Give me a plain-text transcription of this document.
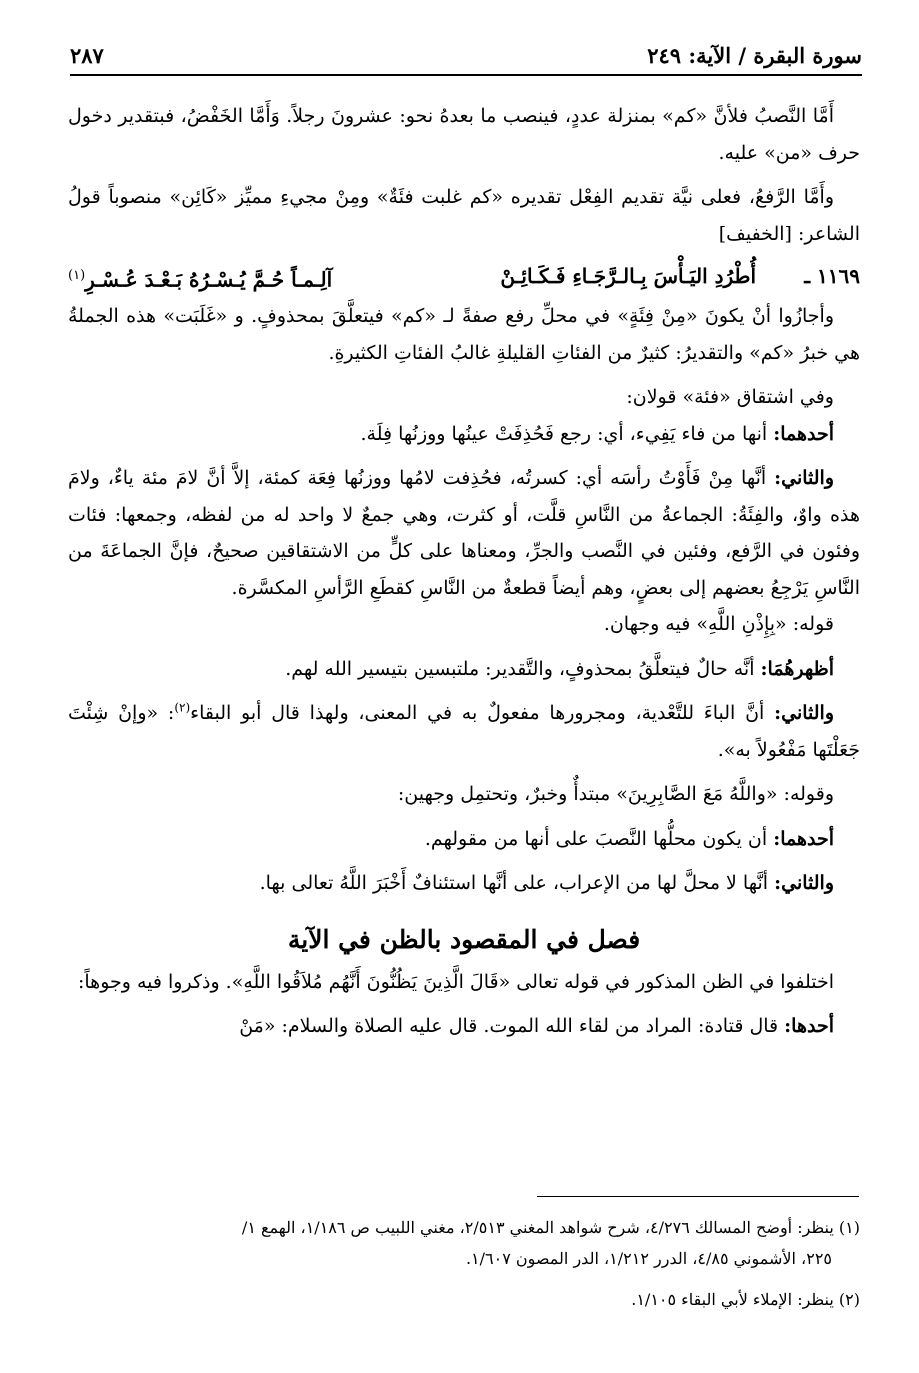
سورة البقرة / الآية: ٢٤٩
٢٨٧

أَمَّا النَّصبُ فلأنَّ «كم» بمنزلة عددٍ، فينصب ما بعدهُ نحو: عشرونَ رجلاً. وَأَمَّا الخَفْضُ، فبتقدير دخول حرف «من» عليه.

وأَمَّا الرَّفعُ، فعلى نيَّة تقديم الفِعْل تقديره «كم غلبت فئَةٌ» ومِنْ مجيءِ مميِّز «كَائِن» منصوباً قولُ الشاعر: [الخفيف]

١١٦٩ ـ
أُطْرُدِ اليَـأْسَ بِـالـرَّجَـاءِ فَـكَـائِـنْ
آلِـمـاً حُـمَّ يُـسْـرُهُ بَـعْـدَ عُـسْـرِ$^{(١)}$

وأجازُوا أنْ يكونَ «مِنْ فِئَةٍ» في محلِّ رفع صفةً لـ «كم» فيتعلَّقَ بمحذوفٍ. و «غَلَبَت» هذه الجملةُ هي خبرُ «كم» والتقديرُ: كثيرٌ من الفئاتِ القليلةِ غالبُ الفئاتِ الكثيرةِ.

وفي اشتقاق «فئة» قولان:

أحدهما: أنها من فاء يَفِيء، أي: رجع فَحُذِفَتْ عينُها ووزنُها فِلَة.

والثاني: أنَّها مِنْ فَأَوْتُ رأسَه أي: كسرتُه، فحُذِفت لامُها ووزنُها فِعَة كمئة، إلاَّ أنَّ لامَ مئة ياءٌ، ولامَ هذه واوٌ، والفِئَةُ: الجماعةُ من النَّاسِ قلَّت، أو كثرت، وهي جمعٌ لا واحد له من لفظه، وجمعها: فئات وفئون في الرَّفع، وفئين في النَّصب والجرِّ، ومعناها على كلٍّ من الاشتقاقين صحيحٌ، فإنَّ الجماعَةَ من النَّاسِ يَرْجِعُ بعضهم إلى بعضٍ، وهم أيضاً قطعةٌ من النَّاسِ كقطَعِ الرَّأسِ المكسَّرة.

قوله: «بِإِذْنِ اللَّهِ» فيه وجهان.

أظهرهُمَا: أنَّه حالٌ فيتعلَّقُ بمحذوفٍ، والتَّقدير: ملتبسين بتيسير الله لهم.

والثاني: أنَّ الباءَ للتَّعْدية، ومجرورها مفعولٌ به في المعنى، ولهذا قال أبو البقاء$^{(٢)}$: «وإنْ شِئْتَ جَعَلْتَها مَفْعُولاً به».

وقوله: «واللَّهُ مَعَ الصَّابِرِينَ» مبتدأٌ وخبرٌ، وتحتمِل وجهين:

أحدهما: أن يكون محلُّها النَّصبَ على أنها من مقولهم.

والثاني: أنَّها لا محلَّ لها من الإعراب، على أنَّها استئنافٌ أَخْبَرَ اللَّهُ تعالى بها.

فصل في المقصود بالظن في الآية

اختلفوا في الظن المذكور في قوله تعالى «قَالَ الَّذِينَ يَظُنُّونَ أَنَّهُم مُلاَقُوا اللَّهِ». وذكروا فيه وجوهاً:

أحدها: قال قتادة: المراد من لقاء الله الموت. قال عليه الصلاة والسلام: «مَنْ

(١) ينظر: أوضح المسالك ٤/٢٧٦، شرح شواهد المغني ٢/٥١٣، مغني اللبيب ص ١/١٨٦، الهمع ١/
٢٢٥، الأشموني ٤/٨٥، الدرر ١/٢١٢، الدر المصون ١/٦٠٧.

(٢) ينظر: الإملاء لأبي البقاء ١/١٠٥.
